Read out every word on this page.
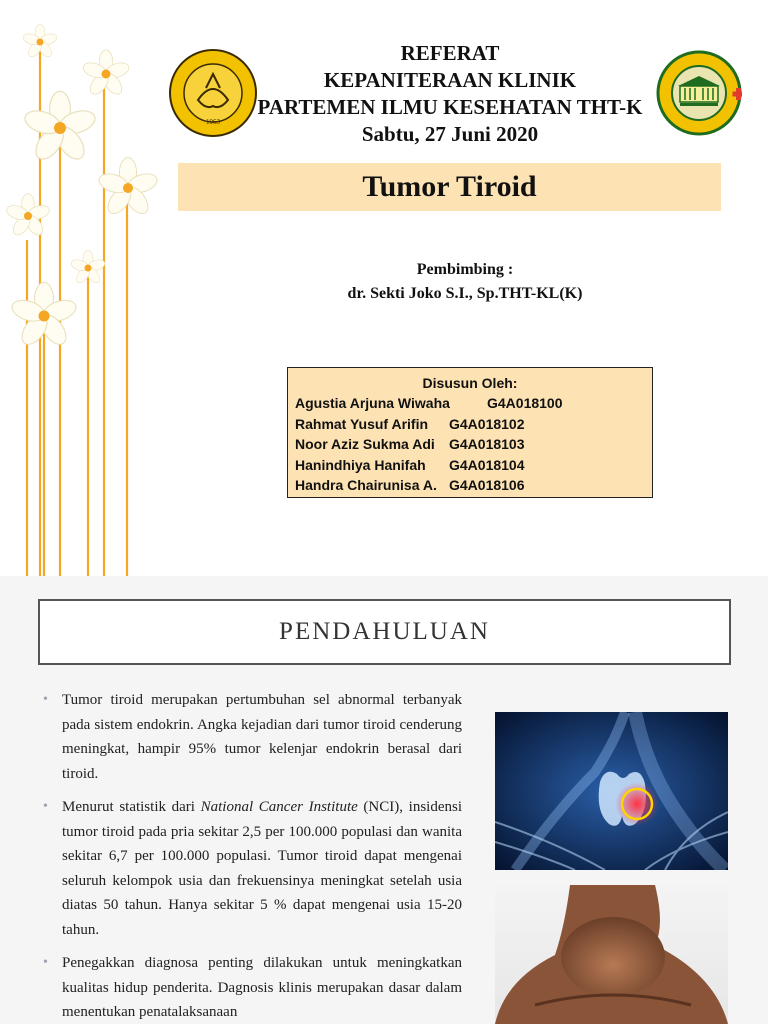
1963
REFERAT
KEPANITERAAN KLINIK
PARTEMEN ILMU KESEHATAN THT-K
Sabtu, 27 Juni 2020
Tumor Tiroid
Pembimbing :
dr. Sekti Joko S.I., Sp.THT-KL(K)
Disusun Oleh:
Agustia Arjuna Wiwaha	G4A018100
Rahmat Yusuf Arifin	G4A018102
Noor Aziz Sukma Adi	G4A018103
Hanindhiya Hanifah	G4A018104
Handra Chairunisa A. G4A018106
PENDAHULUAN
• Tumor tiroid merupakan pertumbuhan sel abnormal terbanyak pada sistem endokrin. Angka kejadian dari tumor tiroid cenderung meningkat, hampir 95% tumor kelenjar endokrin berasal dari tiroid.
• Menurut statistik dari National Cancer Institute (NCI), insidensi tumor tiroid pada pria sekitar 2,5 per 100.000 populasi dan wanita sekitar 6,7 per 100.000 populasi. Tumor tiroid dapat mengenai seluruh kelompok usia dan frekuensinya meningkat setelah usia diatas 50 tahun. Hanya sekitar 5 % dapat mengenai usia 15-20 tahun.
• Penegakkan diagnosa penting dilakukan untuk meningkatkan kualitas hidup penderita. Dagnosis klinis merupakan dasar dalam menentukan penatalaksanaan
